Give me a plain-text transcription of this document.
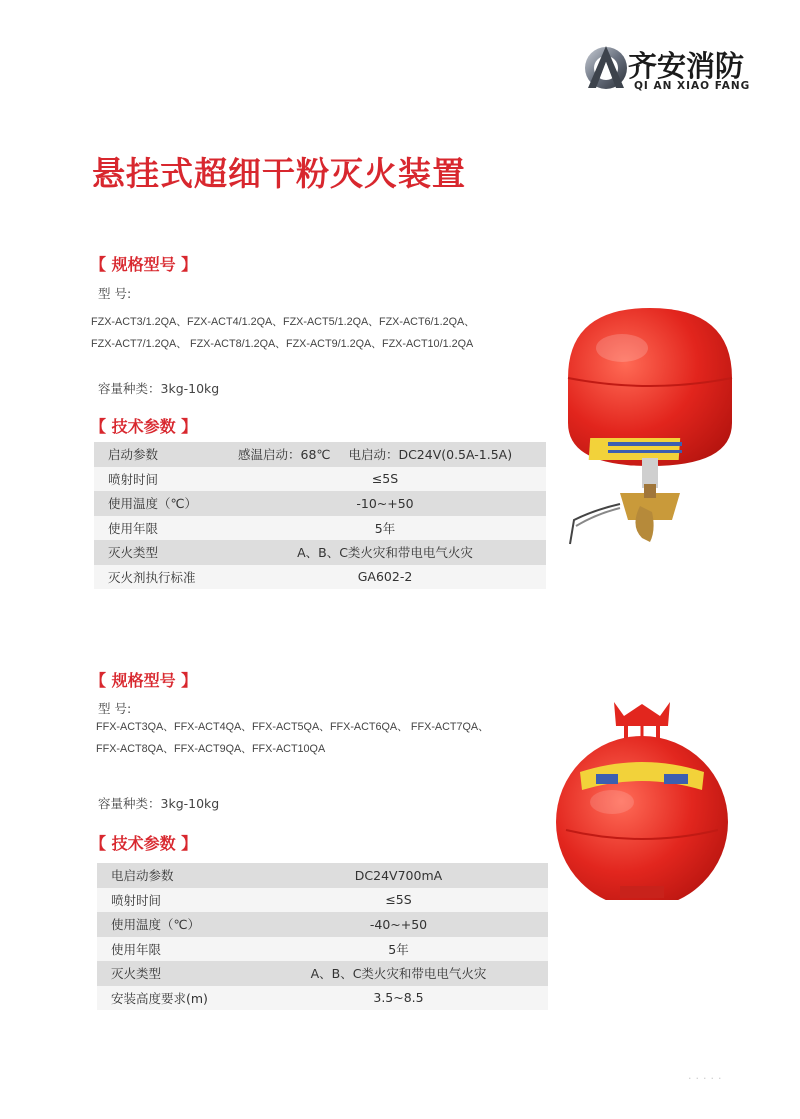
齐安消防
QI AN XIAO FANG
悬挂式超细干粉灭火装置
【 规格型号 】
型 号:
FZX-ACT3/1.2QA、FZX-ACT4/1.2QA、FZX-ACT5/1.2QA、FZX-ACT6/1.2QA、
FZX-ACT7/1.2QA、 FZX-ACT8/1.2QA、FZX-ACT9/1.2QA、FZX-ACT10/1.2QA
容量种类：3kg-10kg
【 技术参数 】
启动参数	感温启动：68℃ 电启动：DC24V(0.5A-1.5A)
喷射时间	≤5S
使用温度（℃）	-10~+50
使用年限	5年
灭火类型	A、B、C类火灾和带电电气火灾
灭火剂执行标准	GA602-2
【 规格型号 】
型 号:
FFX-ACT3QA、FFX-ACT4QA、FFX-ACT5QA、FFX-ACT6QA、 FFX-ACT7QA、
FFX-ACT8QA、FFX-ACT9QA、FFX-ACT10QA
容量种类：3kg-10kg
【 技术参数 】
电启动参数	DC24V700mA
喷射时间	≤5S
使用温度（℃）	-40~+50
使用年限	5年
灭火类型	A、B、C类火灾和带电电气火灾
安装高度要求(m)	3.5~8.5
·····
